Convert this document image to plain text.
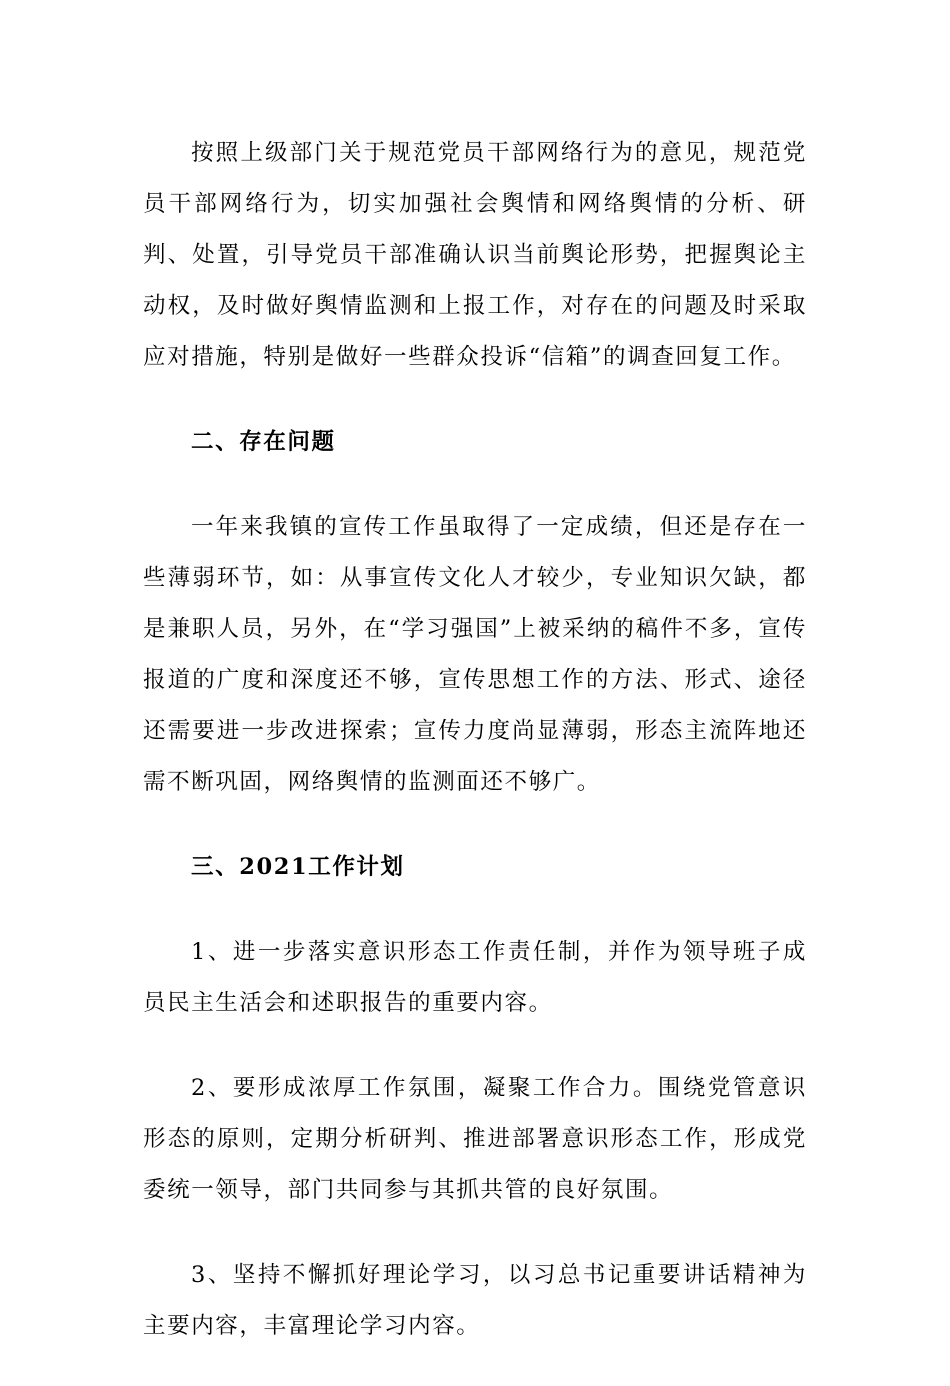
按照上级部门关于规范党员干部网络行为的意见，规范党员干部网络行为，切实加强社会舆情和网络舆情的分析、研判、处置，引导党员干部准确认识当前舆论形势，把握舆论主动权，及时做好舆情监测和上报工作，对存在的问题及时采取应对措施，特别是做好一些群众投诉“信箱”的调查回复工作。

二、存在问题

一年来我镇的宣传工作虽取得了一定成绩，但还是存在一些薄弱环节，如：从事宣传文化人才较少，专业知识欠缺，都是兼职人员，另外，在“学习强国”上被采纳的稿件不多，宣传报道的广度和深度还不够，宣传思想工作的方法、形式、途径还需要进一步改进探索；宣传力度尚显薄弱，形态主流阵地还需不断巩固，网络舆情的监测面还不够广。

三、2021工作计划

1、进一步落实意识形态工作责任制，并作为领导班子成员民主生活会和述职报告的重要内容。

2、要形成浓厚工作氛围，凝聚工作合力。围绕党管意识形态的原则，定期分析研判、推进部署意识形态工作，形成党委统一领导，部门共同参与其抓共管的良好氛围。

3、坚持不懈抓好理论学习，以习总书记重要讲话精神为主要内容，丰富理论学习内容。
